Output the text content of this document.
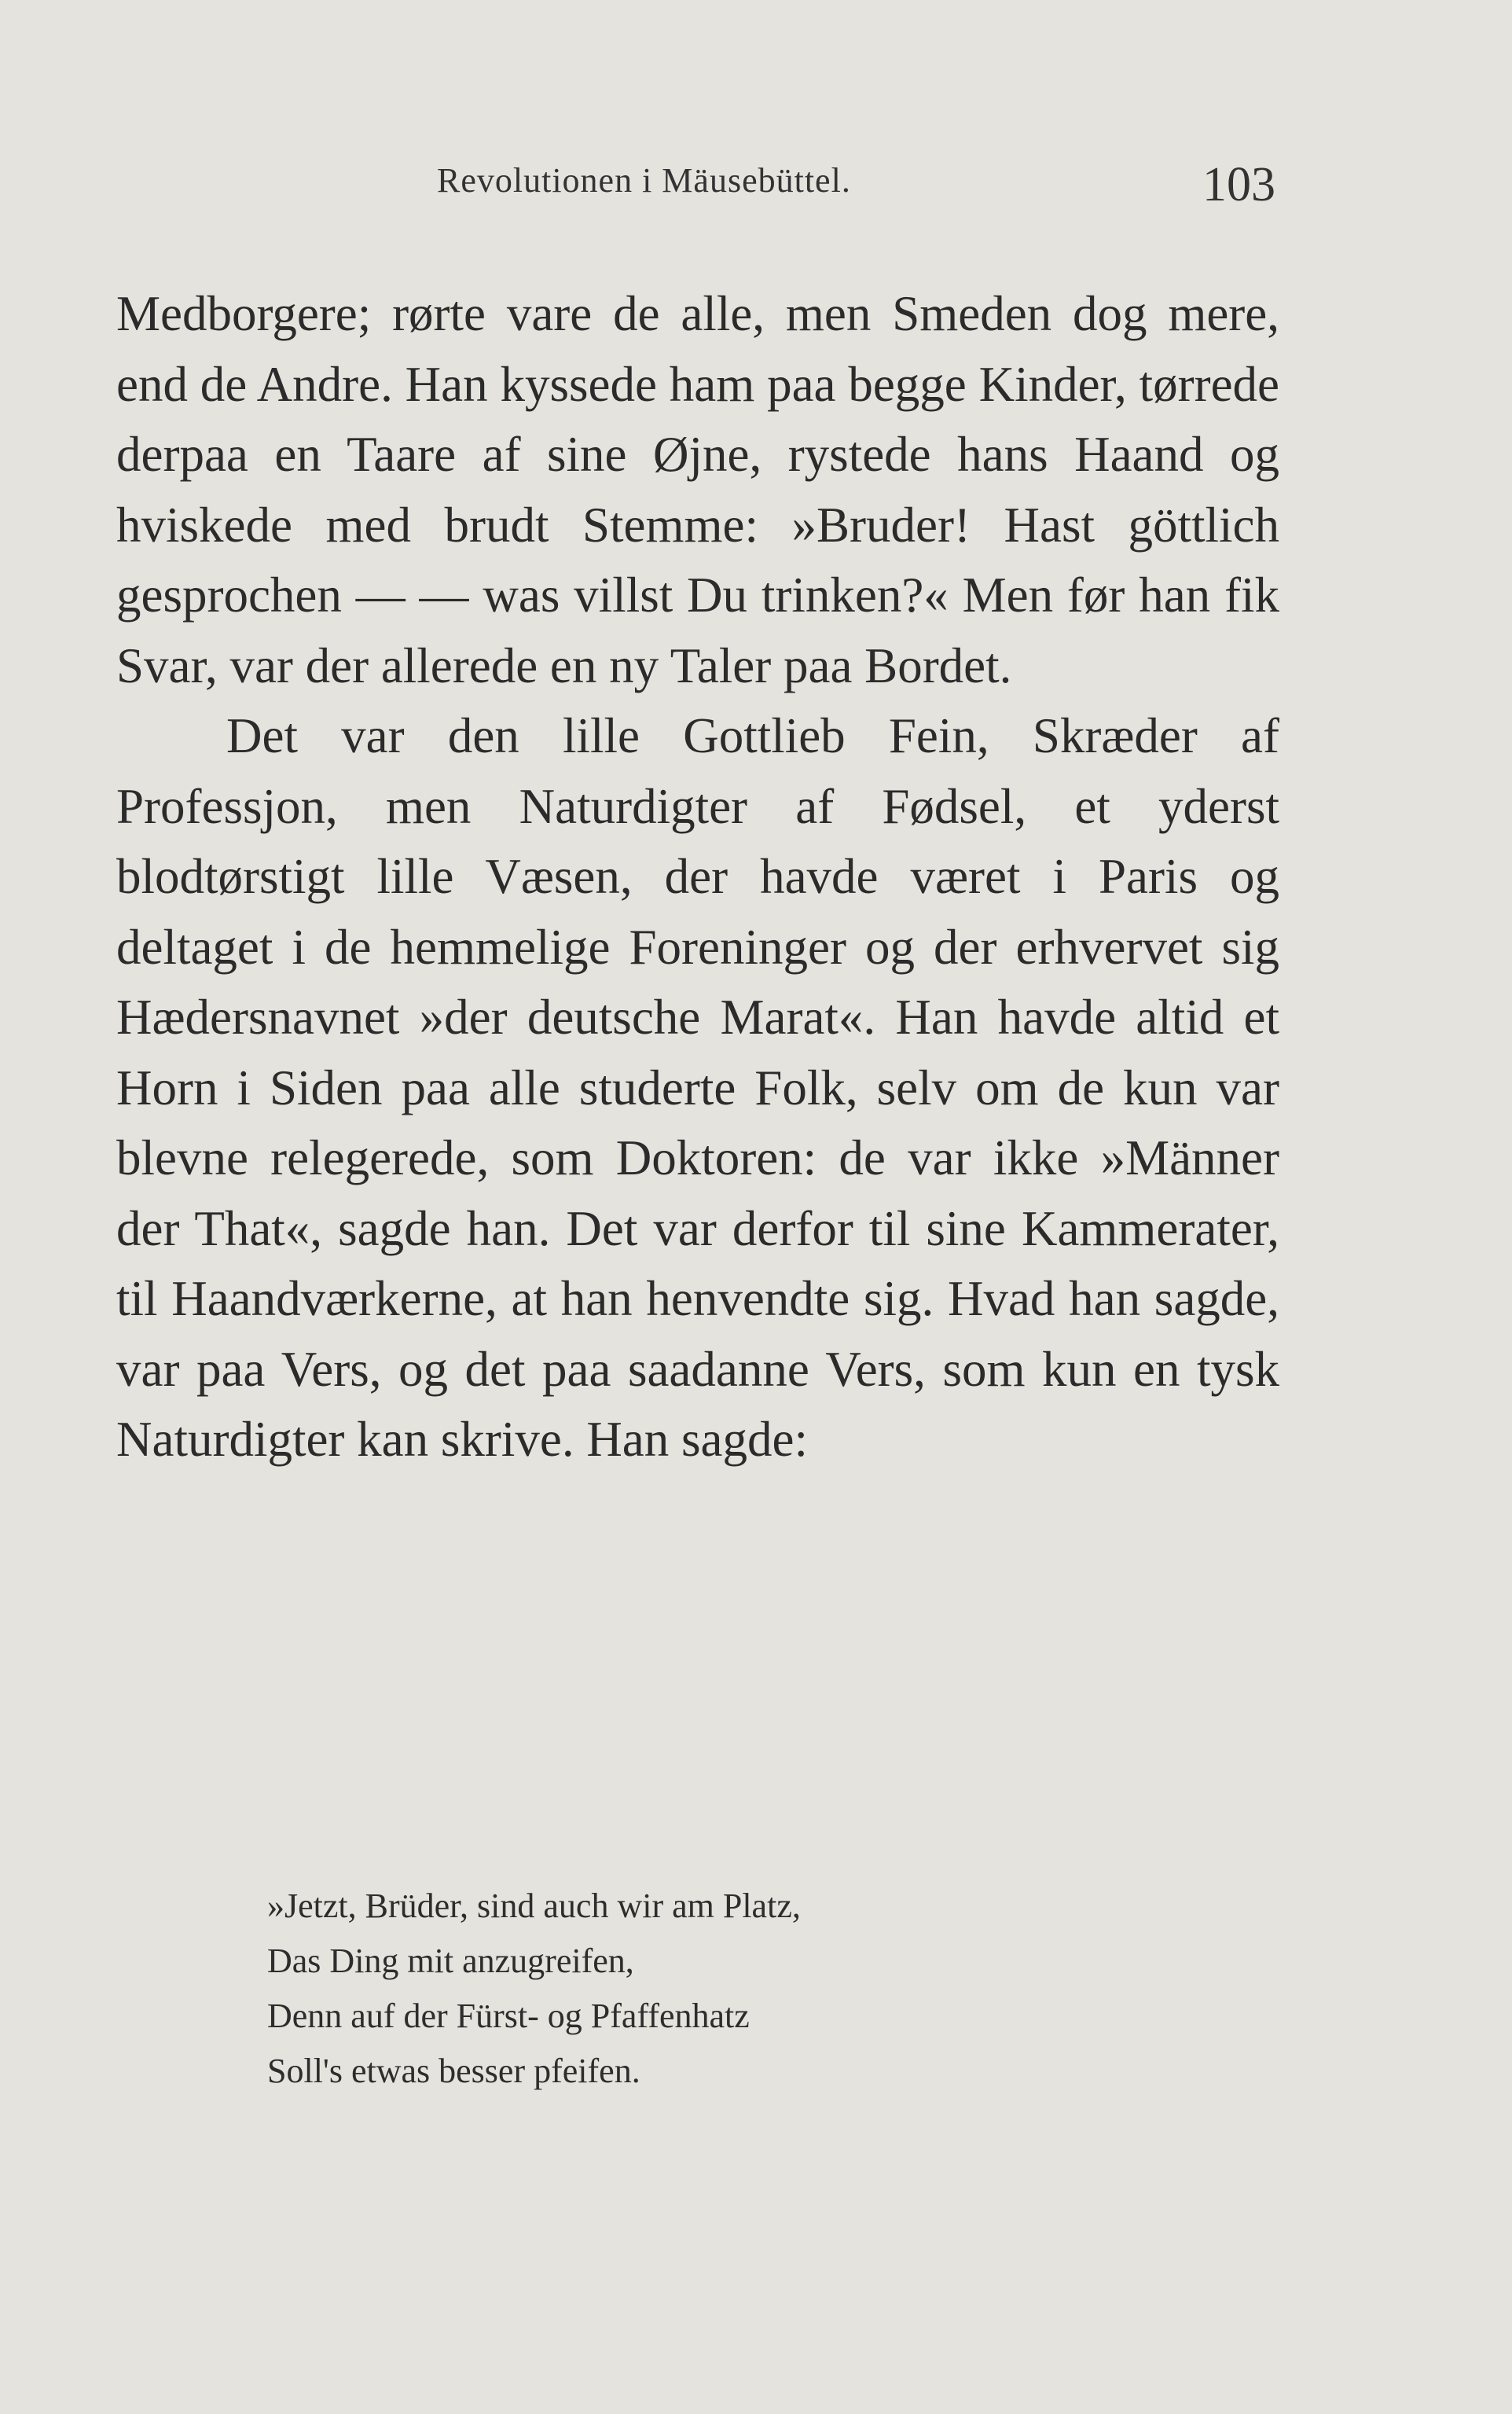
Revolutionen i Mäusebüttel.	103

Medborgere; rørte vare de alle, men Smeden dog mere, end de Andre. Han kyssede ham paa begge Kinder, tørrede derpaa en Taare af sine Øjne, rystede hans Haand og hviskede med brudt Stemme: »Bruder! Hast göttlich gesprochen — — was villst Du trinken?« Men før han fik Svar, var der allerede en ny Taler paa Bordet.

Det var den lille Gottlieb Fein, Skræder af Professjon, men Naturdigter af Fødsel, et yderst blodtørstigt lille Væsen, der havde været i Paris og deltaget i de hemmelige Foreninger og der erhvervet sig Hædersnavnet »der deutsche Marat«. Han havde altid et Horn i Siden paa alle studerte Folk, selv om de kun var blevne relegerede, som Doktoren: de var ikke »Männer der That«, sagde han. Det var derfor til sine Kammerater, til Haandværkerne, at han henvendte sig. Hvad han sagde, var paa Vers, og det paa saadanne Vers, som kun en tysk Naturdigter kan skrive. Han sagde:

»Jetzt, Brüder, sind auch wir am Platz,
Das Ding mit anzugreifen,
Denn auf der Fürst- og Pfaffenhatz
Soll's etwas besser pfeifen.
